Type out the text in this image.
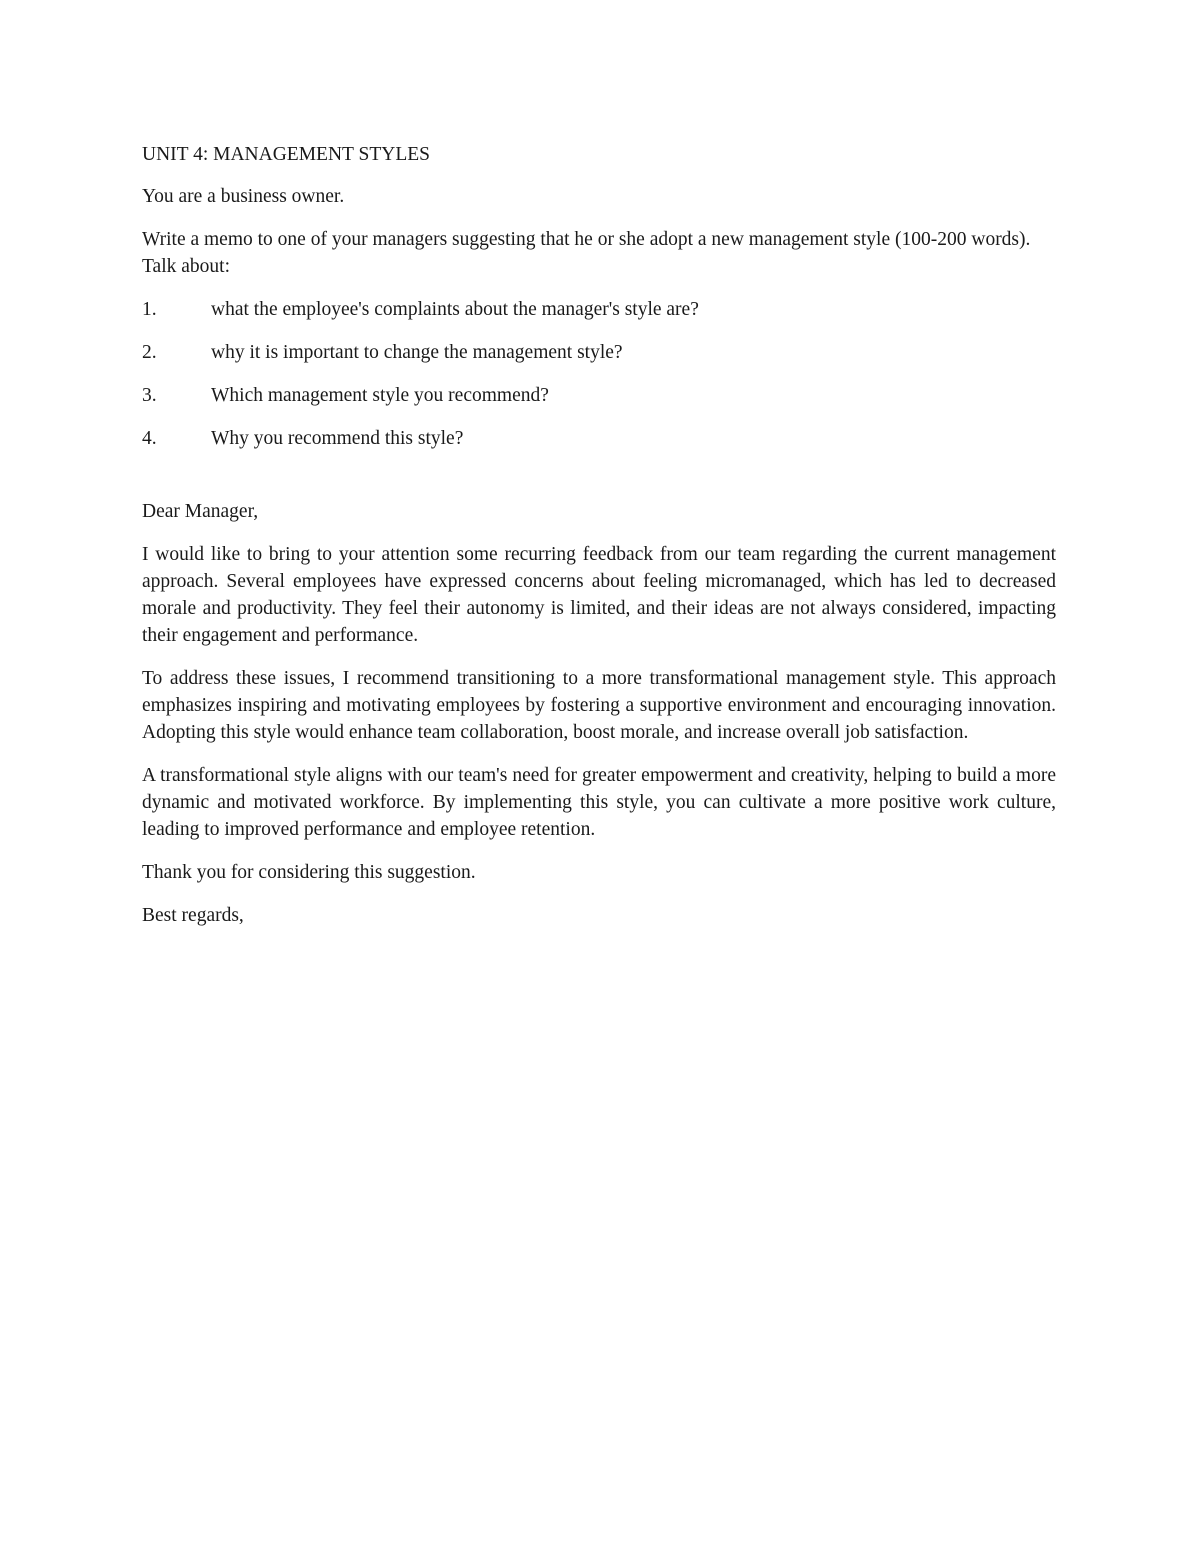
UNIT 4: MANAGEMENT STYLES

You are a business owner.

Write a memo to one of your managers suggesting that he or she adopt a new management style (100-200 words). Talk about:

1.	what the employee's complaints about the manager's style are?
2.	why it is important to change the management style?
3.	Which management style you recommend?
4.	Why you recommend this style?

Dear Manager,

I would like to bring to your attention some recurring feedback from our team regarding the current management approach. Several employees have expressed concerns about feeling micromanaged, which has led to decreased morale and productivity. They feel their autonomy is limited, and their ideas are not always considered, impacting their engagement and performance.

To address these issues, I recommend transitioning to a more transformational management style. This approach emphasizes inspiring and motivating employees by fostering a supportive environment and encouraging innovation. Adopting this style would enhance team collaboration, boost morale, and increase overall job satisfaction.

A transformational style aligns with our team's need for greater empowerment and creativity, helping to build a more dynamic and motivated workforce. By implementing this style, you can cultivate a more positive work culture, leading to improved performance and employee retention.

Thank you for considering this suggestion.

Best regards,
